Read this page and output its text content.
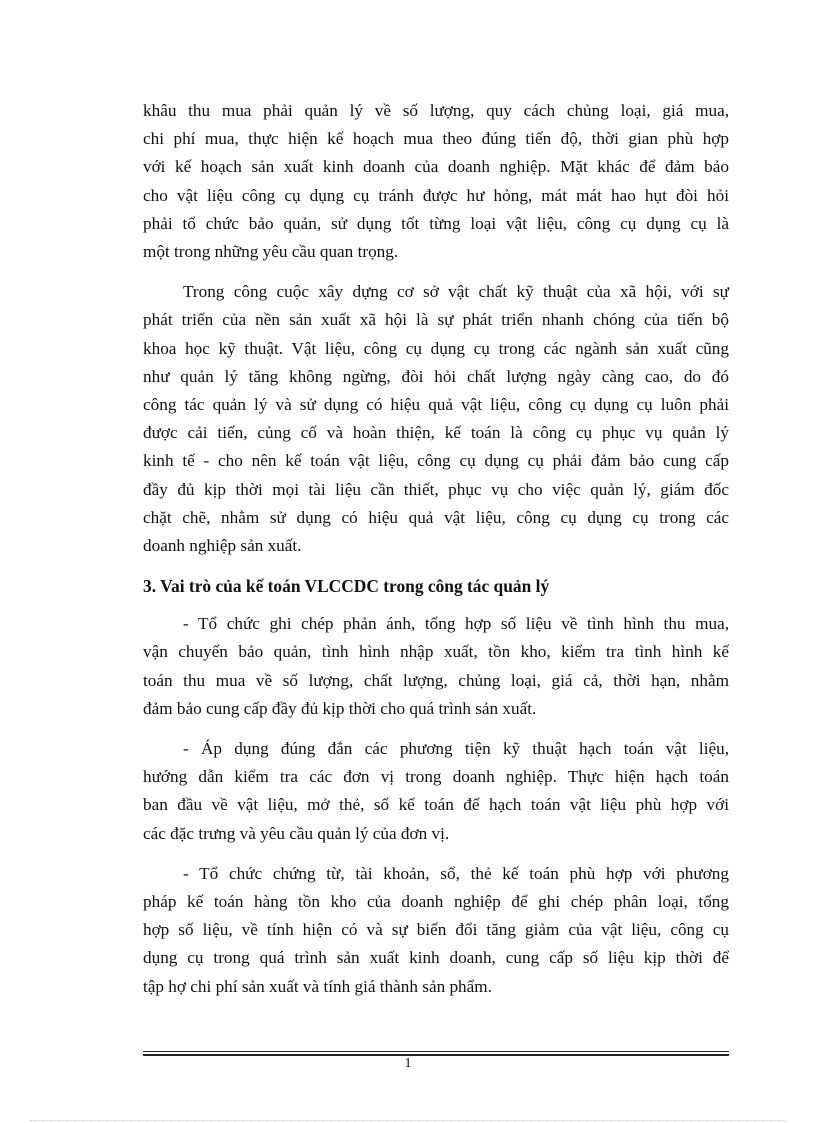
khâu thu mua phải quản lý về số lượng, quy cách chủng loại, giá mua,
chi phí mua, thực hiện kế hoạch mua theo đúng tiến độ, thời gian phù hợp
với kế hoạch sản xuất kinh doanh của doanh nghiệp. Mặt khác để đảm bảo
cho vật liệu công cụ dụng cụ tránh được hư hỏng, mát mát hao hụt đòi hỏi
phải tổ chức bảo quản, sử dụng tốt từng loại vật liệu, công cụ dụng cụ là
một trong những yêu cầu quan trọng.
Trong công cuộc xây dựng cơ sở vật chất kỹ thuật của xã hội, với sự
phát triển của nền sản xuất xã hội là sự phát triển nhanh chóng của tiến bộ
khoa học kỹ thuật. Vật liệu, công cụ dụng cụ trong các ngành sản xuất cũng
như quản lý tăng không ngừng, đòi hỏi chất lượng ngày càng cao, do đó
công tác quản lý và sử dụng có hiệu quả vật liệu, công cụ dụng cụ luôn phải
được cải tiến, củng cố và hoàn thiện, kế toán là công cụ phục vụ quản lý
kinh tế - cho nên kế toán vật liệu, công cụ dụng cụ phải đảm bảo cung cấp
đầy đủ kịp thời mọi tài liệu cần thiết, phục vụ cho việc quản lý, giám đốc
chặt chẽ, nhằm sử dụng có hiệu quả vật liệu, công cụ dụng cụ trong các
doanh nghiệp sản xuất.
3. Vai trò của kế toán VLCCDC trong công tác quản lý
- Tổ chức ghi chép phản ánh, tổng hợp số liệu về tình hình thu mua,
vận chuyển bảo quản, tình hình nhập xuất, tồn kho, kiểm tra tình hình kế
toán thu mua về số lượng, chất lượng, chủng loại, giá cả, thời hạn, nhằm
đảm bảo cung cấp đầy đủ kịp thời cho quá trình sản xuất.
- Áp dụng đúng đắn các phương tiện kỹ thuật hạch toán vật liệu,
hướng dẫn kiểm tra các đơn vị trong doanh nghiệp. Thực hiện hạch toán
ban đầu về vật liệu, mở thẻ, sổ kế toán để hạch toán vật liệu phù hợp với
các đặc trưng và yêu cầu quản lý của đơn vị.
- Tổ chức chứng từ, tài khoản, sổ, thẻ kế toán phù hợp với phương
pháp kế toán hàng tồn kho của doanh nghiệp để ghi chép phân loại, tổng
hợp số liệu, về tính hiện có và sự biến đổi tăng giảm của vật liệu, công cụ
dụng cụ trong quá trình sản xuất kinh doanh, cung cấp số liệu kịp thời để
tập hợ chi phí sản xuất và tính giá thành sản phẩm.
1
